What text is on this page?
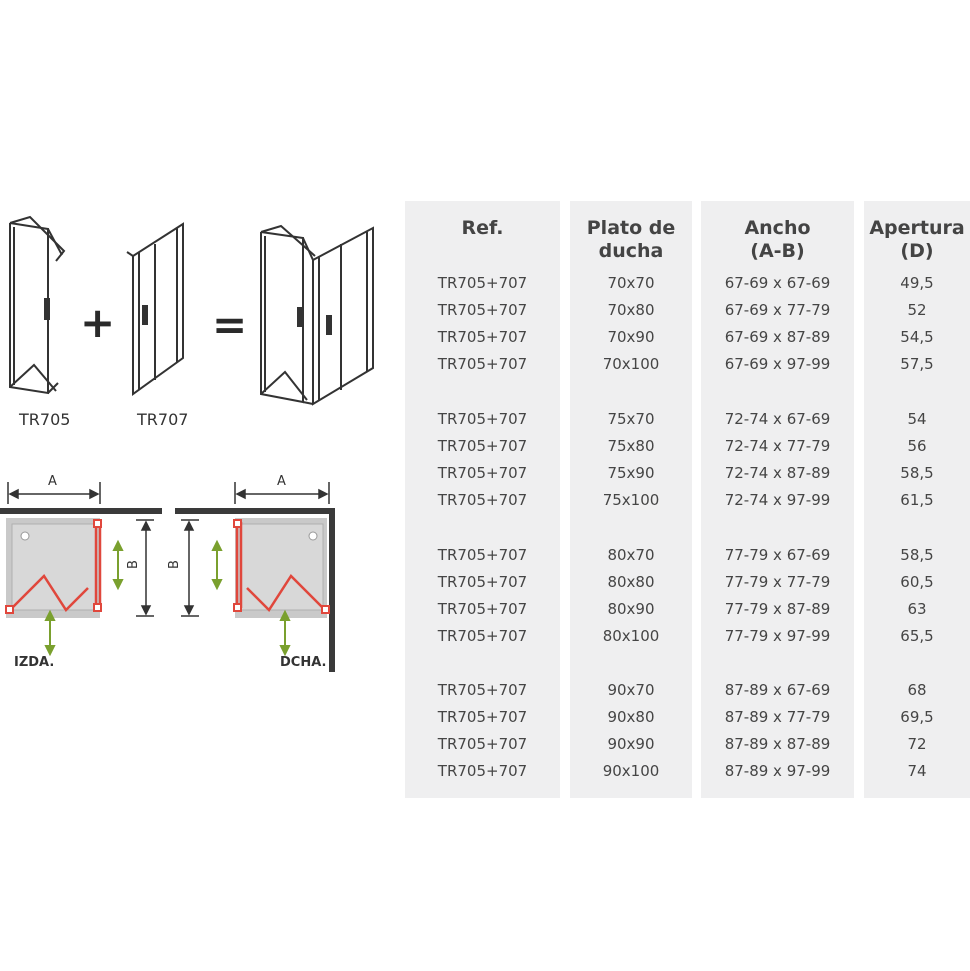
TR705
+
TR707
=
A
B
IZDA.
A
B
DCHA.
Ref.
TR705+707
TR705+707
TR705+707
TR705+707
TR705+707
TR705+707
TR705+707
TR705+707
TR705+707
TR705+707
TR705+707
TR705+707
TR705+707
TR705+707
TR705+707
TR705+707
Plato de
ducha
70x70
70x80
70x90
70x100
75x70
75x80
75x90
75x100
80x70
80x80
80x90
80x100
90x70
90x80
90x90
90x100
Ancho
(A-B)
67-69 x 67-69
67-69 x 77-79
67-69 x 87-89
67-69 x 97-99
72-74 x 67-69
72-74 x 77-79
72-74 x 87-89
72-74 x 97-99
77-79 x 67-69
77-79 x 77-79
77-79 x 87-89
77-79 x 97-99
87-89 x 67-69
87-89 x 77-79
87-89 x 87-89
87-89 x 97-99
Apertura
(D)
49,5
52
54,5
57,5
54
56
58,5
61,5
58,5
60,5
63
65,5
68
69,5
72
74
